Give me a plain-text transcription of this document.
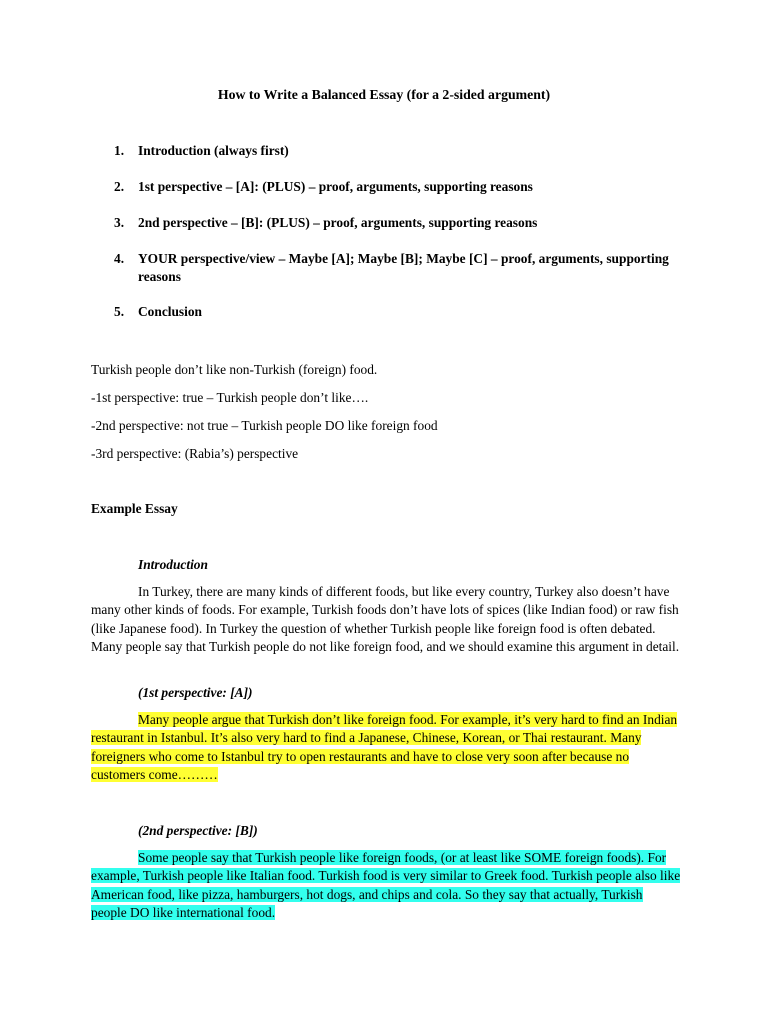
How to Write a Balanced Essay (for a 2-sided argument)

1. Introduction (always first)
2. 1st perspective – [A]: (PLUS) – proof, arguments, supporting reasons
3. 2nd perspective – [B]: (PLUS) – proof, arguments, supporting reasons
4. YOUR perspective/view – Maybe [A]; Maybe [B]; Maybe [C] – proof, arguments, supporting reasons
5. Conclusion

Turkish people don’t like non-Turkish (foreign) food.

-1st perspective: true – Turkish people don’t like….

-2nd perspective: not true – Turkish people DO like foreign food

-3rd perspective: (Rabia’s) perspective

Example Essay

Introduction

In Turkey, there are many kinds of different foods, but like every country, Turkey also doesn’t have many other kinds of foods. For example, Turkish foods don’t have lots of spices (like Indian food) or raw fish (like Japanese food). In Turkey the question of whether Turkish people like foreign food is often debated. Many people say that Turkish people do not like foreign food, and we should examine this argument in detail.

(1st perspective: [A])

Many people argue that Turkish don’t like foreign food. For example, it’s very hard to find an Indian restaurant in Istanbul. It’s also very hard to find a Japanese, Chinese, Korean, or Thai restaurant. Many foreigners who come to Istanbul try to open restaurants and have to close very soon after because no customers come………

(2nd perspective: [B])

Some people say that Turkish people like foreign foods, (or at least like SOME foreign foods). For example, Turkish people like Italian food. Turkish food is very similar to Greek food. Turkish people also like American food, like pizza, hamburgers, hot dogs, and chips and cola. So they say that actually, Turkish people DO like international food.
